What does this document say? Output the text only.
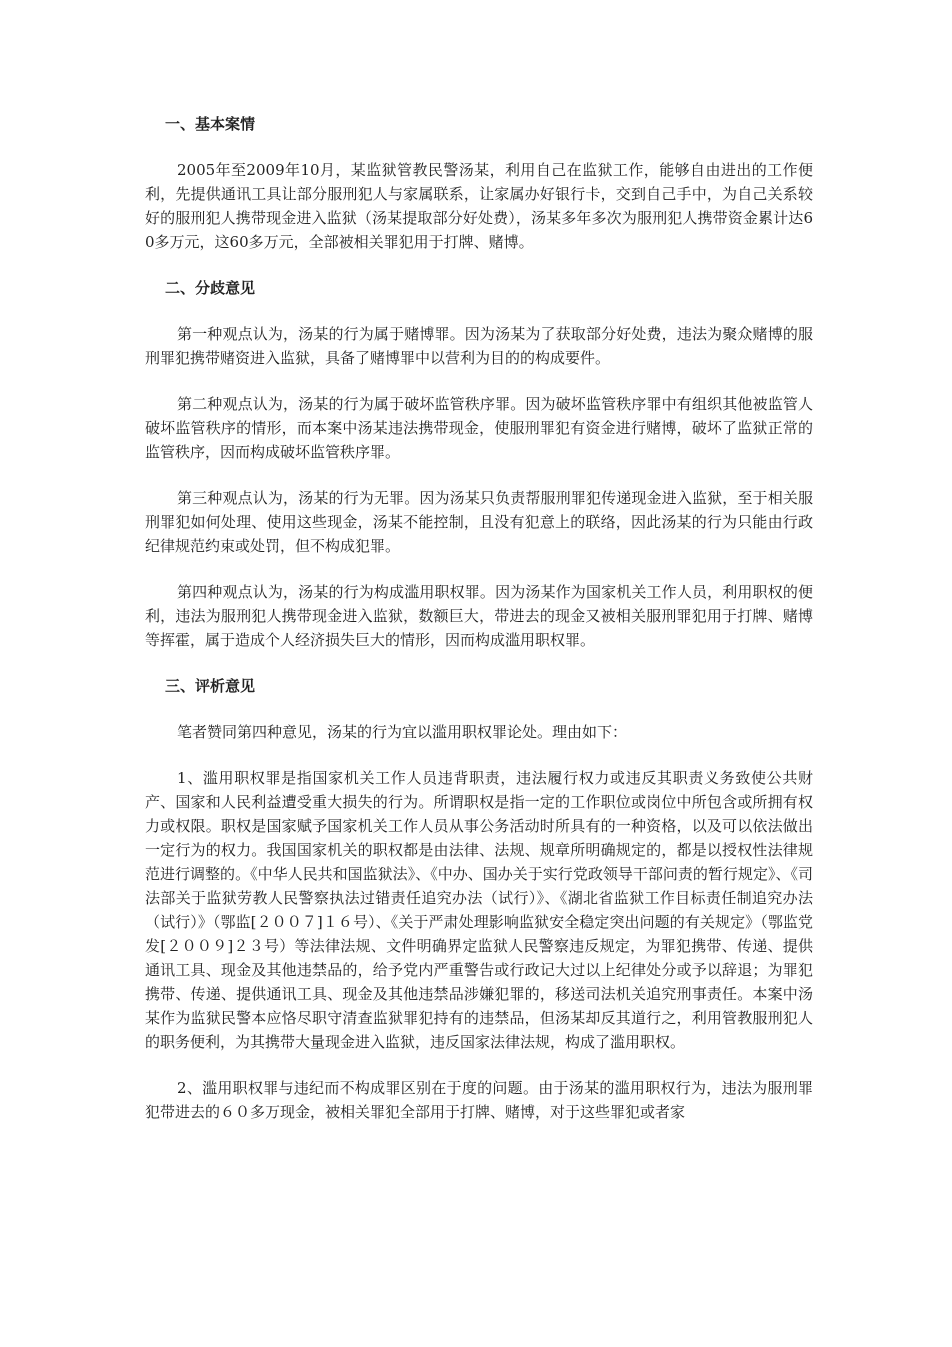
一、基本案情

2005年至2009年10月，某监狱管教民警汤某，利用自己在监狱工作，能够自由进出的工作便利，先提供通讯工具让部分服刑犯人与家属联系，让家属办好银行卡，交到自己手中，为自己关系较好的服刑犯人携带现金进入监狱（汤某提取部分好处费），汤某多年多次为服刑犯人携带资金累计达60多万元，这60多万元，全部被相关罪犯用于打牌、赌博。

二、分歧意见

第一种观点认为，汤某的行为属于赌博罪。因为汤某为了获取部分好处费，违法为聚众赌博的服刑罪犯携带赌资进入监狱，具备了赌博罪中以营利为目的的构成要件。

第二种观点认为，汤某的行为属于破坏监管秩序罪。因为破坏监管秩序罪中有组织其他被监管人破坏监管秩序的情形，而本案中汤某违法携带现金，使服刑罪犯有资金进行赌博，破坏了监狱正常的监管秩序，因而构成破坏监管秩序罪。

第三种观点认为，汤某的行为无罪。因为汤某只负责帮服刑罪犯传递现金进入监狱，至于相关服刑罪犯如何处理、使用这些现金，汤某不能控制，且没有犯意上的联络，因此汤某的行为只能由行政纪律规范约束或处罚，但不构成犯罪。

第四种观点认为，汤某的行为构成滥用职权罪。因为汤某作为国家机关工作人员，利用职权的便利，违法为服刑犯人携带现金进入监狱，数额巨大，带进去的现金又被相关服刑罪犯用于打牌、赌博等挥霍，属于造成个人经济损失巨大的情形，因而构成滥用职权罪。

三、评析意见

笔者赞同第四种意见，汤某的行为宜以滥用职权罪论处。理由如下：

1、滥用职权罪是指国家机关工作人员违背职责，违法履行权力或违反其职责义务致使公共财产、国家和人民利益遭受重大损失的行为。所谓职权是指一定的工作职位或岗位中所包含或所拥有权力或权限。职权是国家赋予国家机关工作人员从事公务活动时所具有的一种资格，以及可以依法做出一定行为的权力。我国国家机关的职权都是由法律、法规、规章所明确规定的，都是以授权性法律规范进行调整的。《中华人民共和国监狱法》、《中办、国办关于实行党政领导干部问责的暂行规定》、《司法部关于监狱劳教人民警察执法过错责任追究办法（试行）》、《湖北省监狱工作目标责任制追究办法（试行）》（鄂监[２００７]１６号）、《关于严肃处理影响监狱安全稳定突出问题的有关规定》（鄂监党发[２００９]２３号）等法律法规、文件明确界定监狱人民警察违反规定，为罪犯携带、传递、提供通讯工具、现金及其他违禁品的，给予党内严重警告或行政记大过以上纪律处分或予以辞退；为罪犯携带、传递、提供通讯工具、现金及其他违禁品涉嫌犯罪的，移送司法机关追究刑事责任。本案中汤某作为监狱民警本应恪尽职守清查监狱罪犯持有的违禁品，但汤某却反其道行之，利用管教服刑犯人的职务便利，为其携带大量现金进入监狱，违反国家法律法规，构成了滥用职权。

2、滥用职权罪与违纪而不构成罪区别在于度的问题。由于汤某的滥用职权行为，违法为服刑罪犯带进去的６０多万现金，被相关罪犯全部用于打牌、赌博，对于这些罪犯或者家
